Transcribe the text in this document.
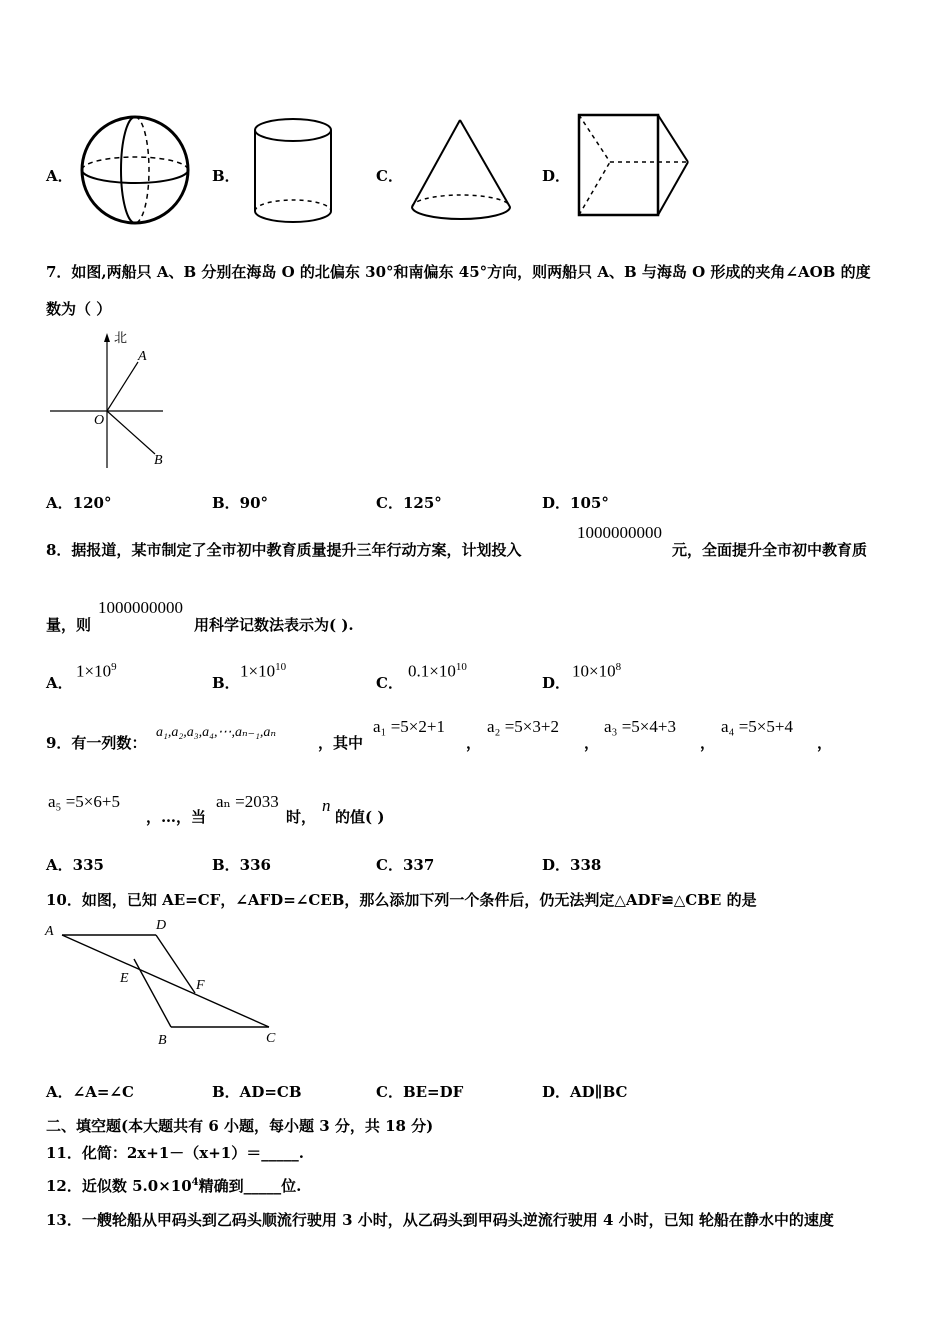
A．	B．	C．	D．
7．如图,两船只 A、B 分别在海岛 O 的北偏东 30°和南偏东 45°方向，则两船只 A、B 与海岛 O 形成的夹角∠AOB 的度
数为（ ）
北
A
O
B
A．120°	B．90°	C．125°	D．105°
8．据报道，某市制定了全市初中教育质量提升三年行动方案，计划投入
1000000000
元，全面提升全市初中教育质
量，则
1000000000
用科学记数法表示为( ).
A．
$1\times 10^9$
B．
$1\times 10^{10}$
C．
$0.1\times 10^{10}$
D．
$10\times 10^8$
9．有一列数：
a₁,a₂,a₃,a₄,⋯,aₙ₋₁,aₙ
，其中
a₁ =5×2+1
，
a₂ =5×3+2
，
a₃ =5×4+3
，
a₄ =5×5+4
，
a₅ =5×6+5
，…，当
aₙ =2033
时，
n
的值( )
A．335	B．336	C．337	D．338
10．如图，已知 AE=CF，∠AFD=∠CEB，那么添加下列一个条件后，仍无法判定△ADF≌△CBE 的是
A	D
E	F
B	C
A．∠A=∠C	B．AD=CB	C．BE=DF	D．AD∥BC
二、填空题(本大题共有 6 小题，每小题 3 分，共 18 分)
11．化简：2x+1－（x+1）＝_____.
12．近似数 $5.0\times 10^4$精确到_____位.
13．一艘轮船从甲码头到乙码头顺流行驶用 3 小时，从乙码头到甲码头逆流行驶用 4 小时，已知 轮船在静水中的速度
